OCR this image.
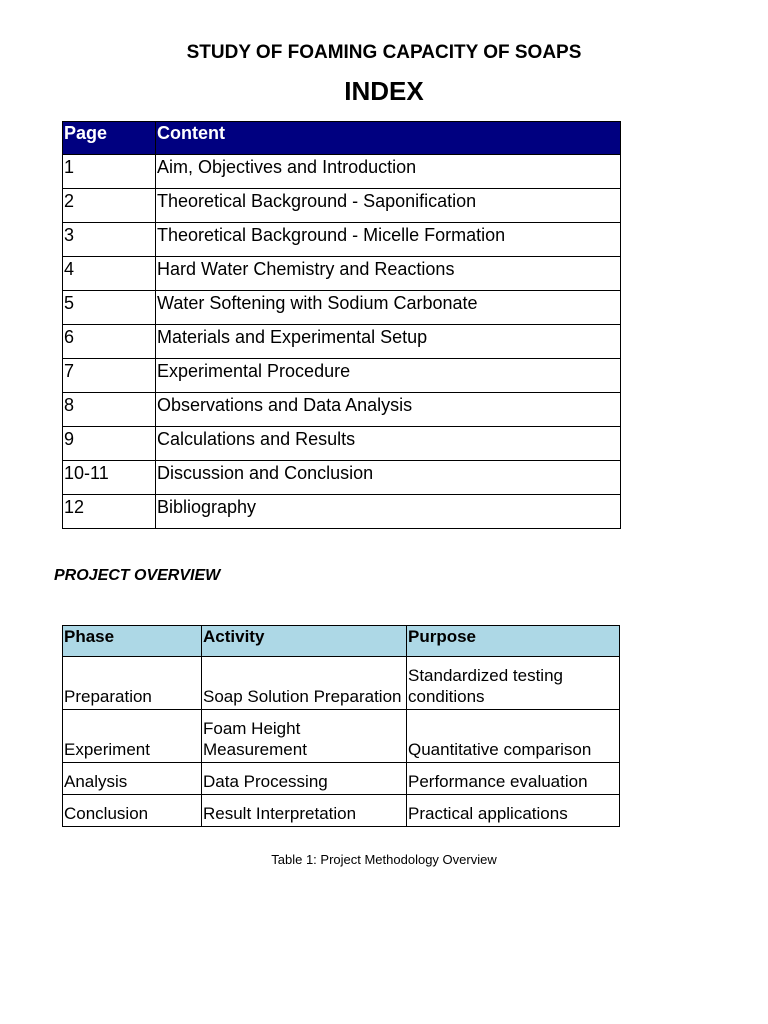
STUDY OF FOAMING CAPACITY OF SOAPS
INDEX
Page	Content
1	Aim, Objectives and Introduction
2	Theoretical Background - Saponification
3	Theoretical Background - Micelle Formation
4	Hard Water Chemistry and Reactions
5	Water Softening with Sodium Carbonate
6	Materials and Experimental Setup
7	Experimental Procedure
8	Observations and Data Analysis
9	Calculations and Results
10-11	Discussion and Conclusion
12	Bibliography
PROJECT OVERVIEW
Phase	Activity	Purpose
Preparation	Soap Solution Preparation	Standardized testing conditions
Experiment	Foam Height Measurement	Quantitative comparison
Analysis	Data Processing	Performance evaluation
Conclusion	Result Interpretation	Practical applications

Table 1: Project Methodology Overview
